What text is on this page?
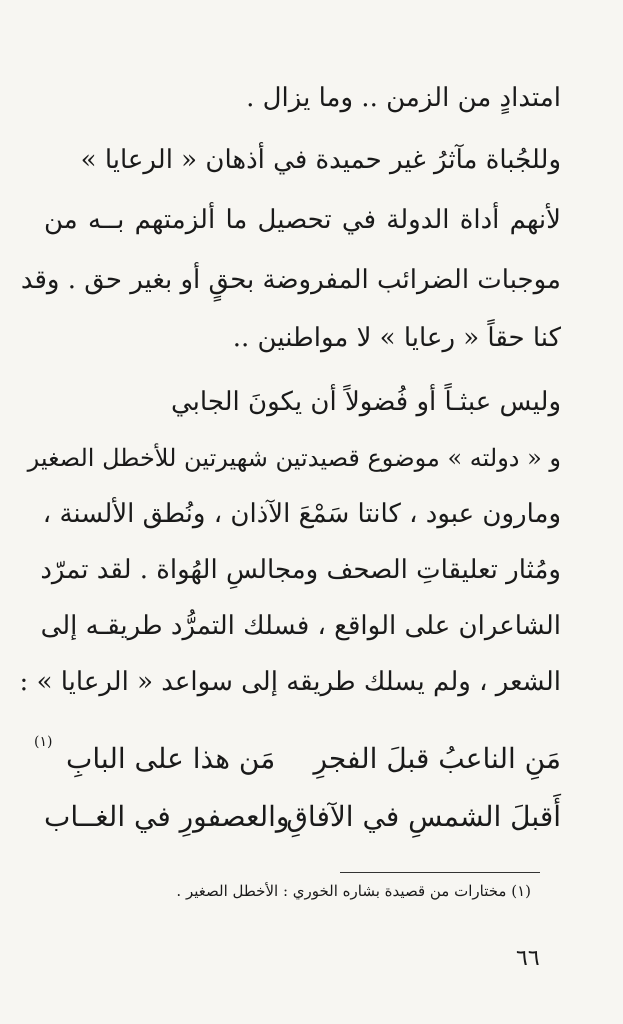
امتدادٍ من الزمن .. وما يزال .
وللجُباة مآثرُ غير حميدة في أذهان « الرعايا »
لأنهم أداة الدولة في تحصيل ما ألزمتهم بــه من
موجبات الضرائب المفروضة بحقٍ أو بغير حق . وقد
كنا حقاً « رعايا » لا مواطنين ..
وليس عبثـاً أو فُضولاً أن يكونَ الجابي
و « دولته » موضوع قصيدتين شهيرتين للأخطل الصغير
ومارون عبود ، كانتا سَمْعَ الآذان ، ونُطق الألسنة ،
ومُثار تعليقاتِ الصحف ومجالسِ الهُواة . لقد تمرّد
الشاعران على الواقع ، فسلك التمرُّد طريقـه إلى
الشعر ، ولم يسلك طريقه إلى سواعد « الرعايا » :
مَنِ الناعبُ قبلَ الفجرِ
مَن هذا على البابِ
(١)
أَقبلَ الشمسِ في الآفاقِ
والعصفورِ في الغــاب
(١) مختارات من قصيدة بشاره الخوري : الأخطل الصغير .
٦٦
